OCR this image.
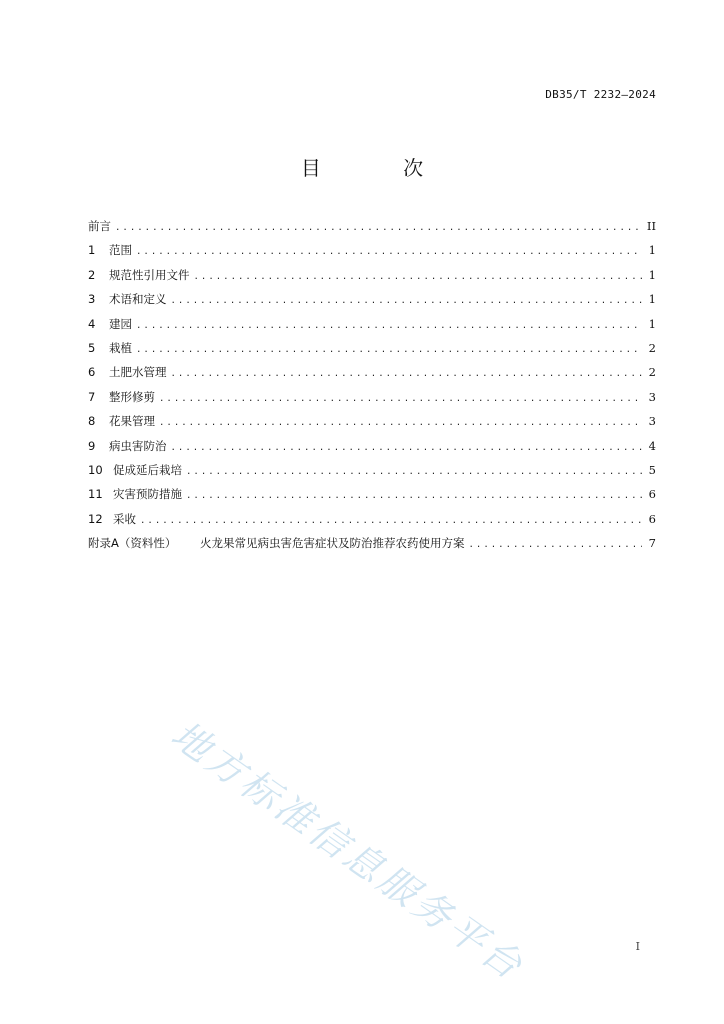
DB35/T 2232—2024
目 次
前言 .....	II
1	范围 .....	1
2	规范性引用文件 .....	1
3	术语和定义 .....	1
4	建园 .....	1
5	栽植 .....	2
6	土肥水管理 .....	2
7	整形修剪 .....	3
8	花果管理 .....	3
9	病虫害防治 .....	4
10 促成延后栽培 .....	5
11 灾害预防措施 .....	6
12 采收 .....	6
附录A（资料性）	火龙果常见病虫害危害症状及防治推荐农药使用方案 .....	7
地方标准信息服务平台	I
